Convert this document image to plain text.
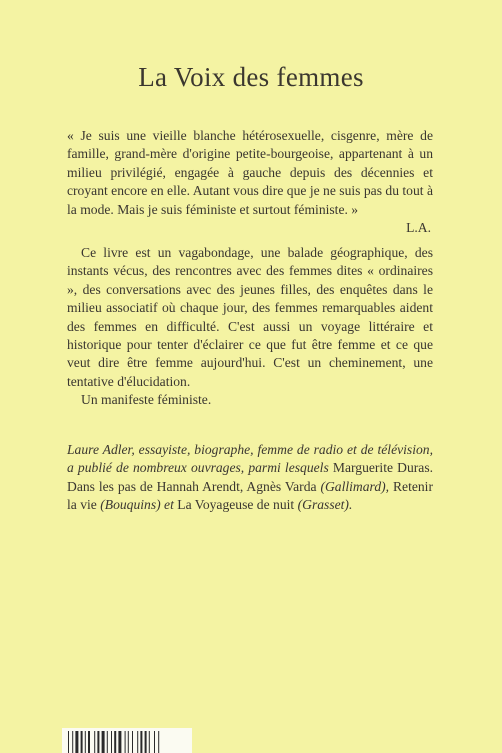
La Voix des femmes

« Je suis une vieille blanche hétérosexuelle, cisgenre, mère de famille, grand-mère d'origine petite-bourgeoise, appartenant à un milieu privilégié, engagée à gauche depuis des décennies et croyant encore en elle. Autant vous dire que je ne suis pas du tout à la mode. Mais je suis féministe et surtout féministe. »

L.A.

Ce livre est un vagabondage, une balade géographique, des instants vécus, des rencontres avec des femmes dites « ordinaires », des conversations avec des jeunes filles, des enquêtes dans le milieu associatif où chaque jour, des femmes remarquables aident des femmes en difficulté. C'est aussi un voyage littéraire et historique pour tenter d'éclairer ce que fut être femme et ce que veut dire être femme aujourd'hui. C'est un cheminement, une tentative d'élucidation.

Un manifeste féministe.

Laure Adler, essayiste, biographe, femme de radio et de télévision, a publié de nombreux ouvrages, parmi lesquels Marguerite Duras. Dans les pas de Hannah Arendt, Agnès Varda (Gallimard), Retenir la vie (Bouquins) et La Voyageuse de nuit (Grasset).
